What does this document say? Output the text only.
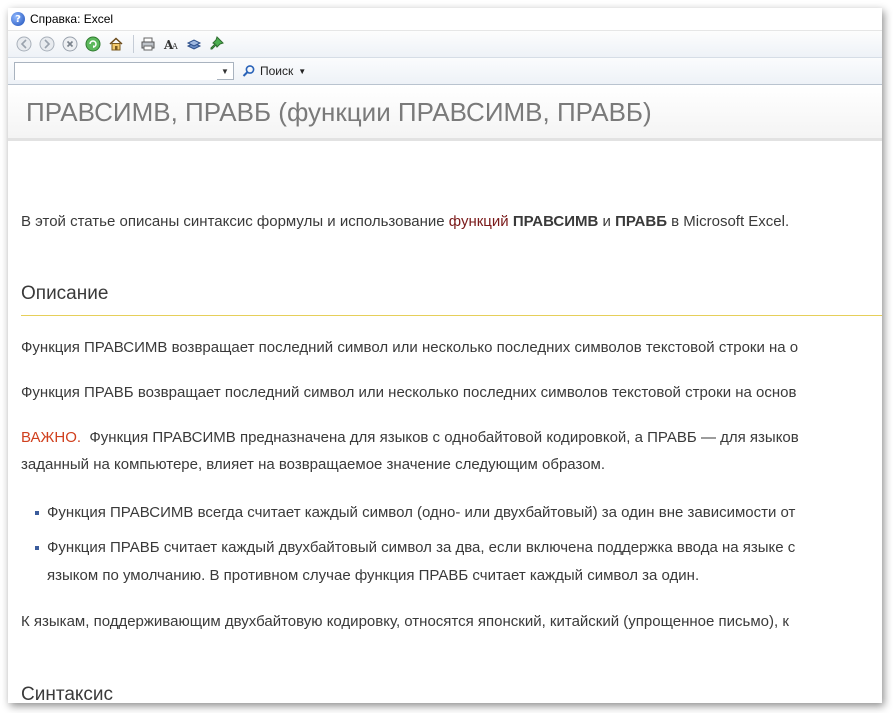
? Справка: Excel
A
A
▼	Поиск ▼
ПРАВСИМВ, ПРАВБ (функции ПРАВСИМВ, ПРАВБ)
В этой статье описаны синтаксис формулы и использование функций ПРАВСИМВ и ПРАВБ в Microsoft Excel.
Описание
Функция ПРАВСИМВ возвращает последний символ или несколько последних символов текстовой строки на о
Функция ПРАВБ возвращает последний символ или несколько последних символов текстовой строки на основ
ВАЖНО. Функция ПРАВСИМВ предназначена для языков с однобайтовой кодировкой, а ПРАВБ — для языков
заданный на компьютере, влияет на возвращаемое значение следующим образом.
Функция ПРАВСИМВ всегда считает каждый символ (одно- или двухбайтовый) за один вне зависимости от
Функция ПРАВБ считает каждый двухбайтовый символ за два, если включена поддержка ввода на языке с
языком по умолчанию. В противном случае функция ПРАВБ считает каждый символ за один.
К языкам, поддерживающим двухбайтовую кодировку, относятся японский, китайский (упрощенное письмо), к
Синтаксис
